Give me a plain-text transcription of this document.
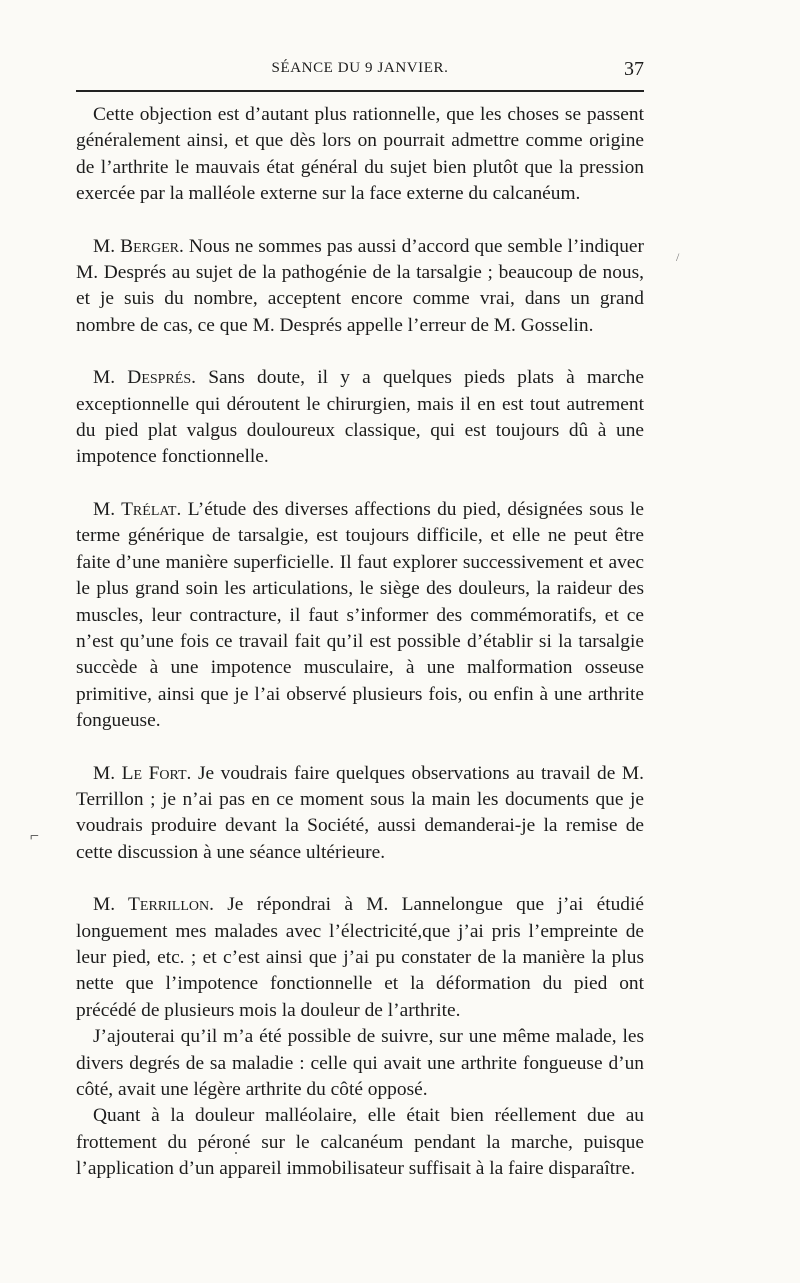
SÉANCE DU 9 JANVIER.	37
⌐
/

Cette objection est d’autant plus rationnelle, que les choses se passent généralement ainsi, et que dès lors on pourrait admettre comme origine de l’arthrite le mauvais état général du sujet bien plutôt que la pression exercée par la malléole externe sur la face externe du calcanéum.

M. Berger. Nous ne sommes pas aussi d’accord que semble l’indiquer M. Després au sujet de la pathogénie de la tarsalgie ; beaucoup de nous, et je suis du nombre, acceptent encore comme vrai, dans un grand nombre de cas, ce que M. Després appelle l’erreur de M. Gosselin.

M. Després. Sans doute, il y a quelques pieds plats à marche exceptionnelle qui déroutent le chirurgien, mais il en est tout autrement du pied plat valgus douloureux classique, qui est toujours dû à une impotence fonctionnelle.

M. Trélat. L’étude des diverses affections du pied, désignées sous le terme générique de tarsalgie, est toujours difficile, et elle ne peut être faite d’une manière superficielle. Il faut explorer successivement et avec le plus grand soin les articulations, le siège des douleurs, la raideur des muscles, leur contracture, il faut s’informer des commémoratifs, et ce n’est qu’une fois ce travail fait qu’il est possible d’établir si la tarsalgie succède à une impotence musculaire, à une malformation osseuse primitive, ainsi que je l’ai observé plusieurs fois, ou enfin à une arthrite fongueuse.

M. Le Fort. Je voudrais faire quelques observations au travail de M. Terrillon ; je n’ai pas en ce moment sous la main les documents que je voudrais produire devant la Société, aussi demanderai-je la remise de cette discussion à une séance ultérieure.

M. Terrillon. Je répondrai à M. Lannelongue que j’ai étudié longuement mes malades avec l’électricité,que j’ai pris l’empreinte de leur pied, etc. ; et c’est ainsi que j’ai pu constater de la manière la plus nette que l’impotence fonctionnelle et la déformation du pied ont précédé de plusieurs mois la douleur de l’arthrite.

J’ajouterai qu’il m’a été possible de suivre, sur une même malade, les divers degrés de sa maladie : celle qui avait une arthrite fongueuse d’un côté, avait une légère arthrite du côté opposé.

Quant à la douleur malléolaire, elle était bien réellement due au frottement du péroné sur le calcanéum pendant la marche, puisque l’application d’un appareil immobilisateur suffisait à la faire disparaître.
